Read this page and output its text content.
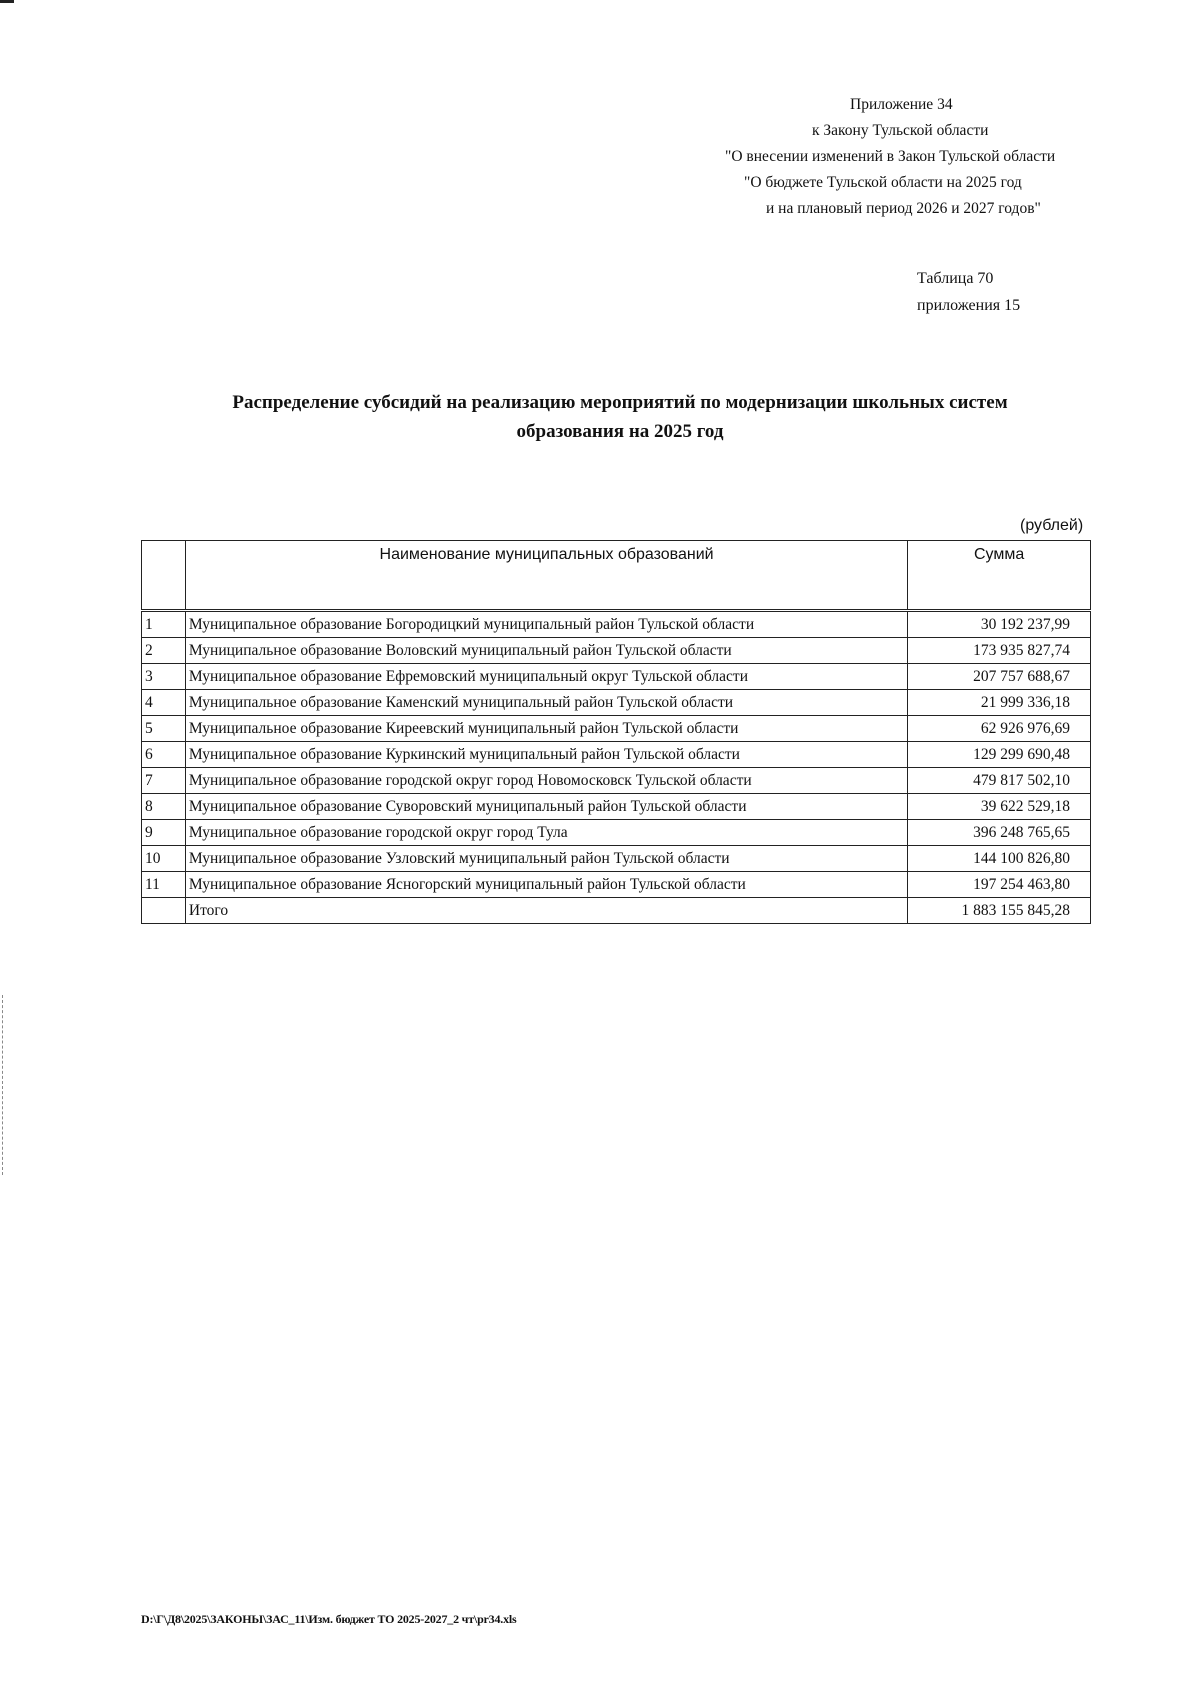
Приложение 34
к Закону Тульской области
"О внесении изменений в Закон Тульской области
"О бюджете Тульской области на 2025 год
и на плановый период 2026 и 2027 годов"
Таблица 70
приложения 15
Распределение субсидий на реализацию мероприятий по модернизации школьных систем
образования на 2025 год
(рублей)
	Наименование муниципальных образований	Сумма
1	Муниципальное образование Богородицкий муниципальный район Тульской области	30 192 237,99
2	Муниципальное образование Воловский муниципальный район Тульской области	173 935 827,74
3	Муниципальное образование Ефремовский муниципальный округ Тульской области	207 757 688,67
4	Муниципальное образование Каменский муниципальный район Тульской области	21 999 336,18
5	Муниципальное образование Киреевский муниципальный район Тульской области	62 926 976,69
6	Муниципальное образование Куркинский муниципальный район Тульской области	129 299 690,48
7	Муниципальное образование городской округ город Новомосковск Тульской области	479 817 502,10
8	Муниципальное образование Суворовский муниципальный район Тульской области	39 622 529,18
9	Муниципальное образование городской округ город Тула	396 248 765,65
10	Муниципальное образование Узловский муниципальный район Тульской области	144 100 826,80
11	Муниципальное образование Ясногорский муниципальный район Тульской области	197 254 463,80
	Итого	1 883 155 845,28
D:\Г\Д8\2025\ЗАКОНЫ\ЗАС_11\Изм. бюджет ТО 2025-2027_2 чт\pr34.xls
